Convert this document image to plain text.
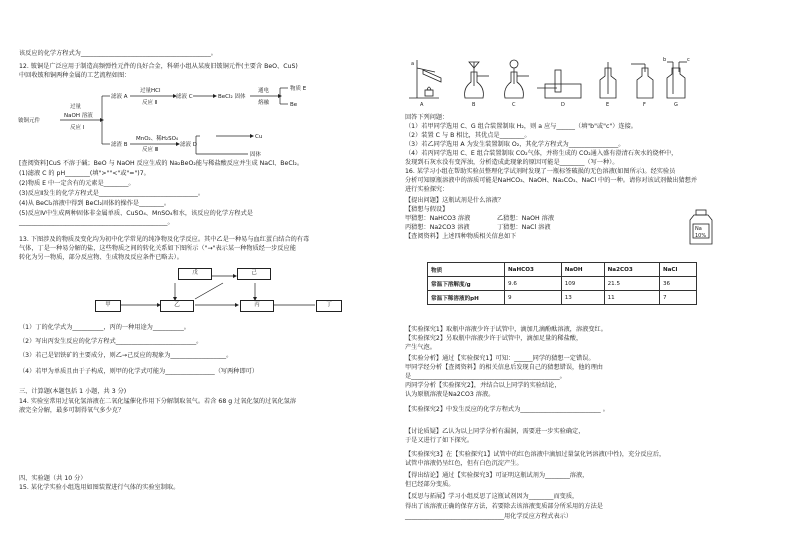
该反应的化学方程式为__________________________________________。
12. 铍铜是广泛应用于制造高频弹性元件的良好合金，科研小组从某废旧铍铜元件(主要含 BeO、CuS)
中回收铍和铜两种金属的工艺流程如图：
铍铜元件
过量
NaOH 溶液
反应 Ⅰ
滤液 A
过量HCl
反应 Ⅱ
滤液 C	BeCl₂ 固体
通电
熔融
物质 E
Be
MnO₂、稀H₂SO₄
反应 Ⅲ
滤液 D
Cu
固体
滤渣 B
[查阅资料]CuS 不溶于碱；BeO 与 NaOH 反应生成的 Na₂BeO₂能与稀盐酸反应并生成 NaCl、BeCl₂。
(1)滤液 C 的 pH________(填">""<"或"=")7。
(2)物质 E 中一定含有的元素是________。
(3)反应Ⅱ发生的化学方程式是________________________________。
(4)从 BeCl₂溶液中得到 BeCl₂固体的操作是________。
(5)反应Ⅳ中生成两种固体非金属单质、CuSO₄、MnSO₄和水，该反应的化学方程式是
________________________________________________。
13. 下图涉及的物质及变化均为初中化学常见的纯净物及化学反应。其中乙是一种易与血红蛋白结合的有毒
气体，丁是一种易分解的盐，这些物质之间的转化关系如下图所示（"→"表示某一种物质经一步反应能
转化为另一物质，部分反应物、生成物及反应条件已略去）。
戊	己
甲	乙	丙	丁
（1）丁的化学式为__________，丙的一种用途为__________。
（2）写出丙发生反应的化学方程式__________________________。
（3）若己是铝铁矿的主要成分，则乙→己反应的现象为__________________。
（4）若甲为单质且由于子构成，则甲的化学式可能为________________（写两种即可）
三、计算题(本题包括 1 小题，共 3 分)
14. 实验室常用过氧化氢溶液在二氧化锰催化作用下分解制取氧气。若含 68 g 过氧化氢的过氧化氢溶
液完全分解，最多可制得氧气多少克？
四、实验题（共 10 分）
15. 某化学实验小组选用如图装置进行气体的实验室制取。
a
b	c
A	B	C	D	E	F	G
回答下列问题：
（1）若甲同学选用 C、G 组合装置制取 H₂，则 a 应与______（填"b"或"c"）连接。
（2）装置 C 与 B 相比，其优点是________。
（3）若乙同学选用 A 为发生装置制取 O₂，其化学方程式为________________。
（4）若丙同学选用 C、E 组合装置制取 CO₂气体，并将生成的 CO₂通入盛有澄清石灰水的烧杯中，
发现到石灰水没有变浑浊，分析造成此现象的原因可能是________（写一种）。
16. 某学习小组在帮助实验员整理化学试剂时发现了一瓶标签破损的无色溶液(如图所示)。经实验员
分析可知原瓶溶液中的溶质可能是NaHCO₃、NaOH、Na₂CO₃、NaCl 中的一种。请你对该试剂做出猜想并
进行实验探究：
【提出问题】这瓶试剂是什么溶液？
【猜想与假设】
甲猜想：NaHCO3 溶液	乙猜想：NaOH 溶液
丙猜想：Na2CO3 溶液	丁猜想：NaCl 溶液
【查阅资料】上述四种物质相关信息如下
Na
10%
物质	NaHCO3	NaOH	Na2CO3	NaCl
常温下溶解度/g	9.6	109	21.5	36
常温下稀溶液的pH	9	13	11	7
【实验探究1】取瓶中溶液少许于试管中，滴加几滴酚酞溶液，溶液变红。
【实验探究2】另取瓶中溶液少许于试管中，滴加足量的稀盐酸，
产生气泡。
【实验分析】通过【实验探究1】可知：______同学的猜想一定错误。
甲同学经分析【查阅资料】的相关信息后发现自己的猜想错误，他的理由
是________________________________________________。
丙同学分析【实验探究2】，并结合以上同学的实验结论，
认为原瓶溶液是Na2CO3 溶液。
【实验探究2】中发生反应的化学方程式为__________________________ 。
【讨论质疑】乙认为以上同学分析有漏洞，需要进一步实验确定，
于是又进行了如下探究。
【实验探究3】在【实验探究1】试管中的红色溶液中滴加过量氯化钙溶液(中性)，充分反应后，
试管中溶液仍呈红色，但有白色沉淀产生。
【得出结论】通过【实验探究3】可证明这瓶试剂为________溶液，
但已经部分变质。
【反思与拓展】学习小组反思了这瓶试剂因为________而变质，
得出了该溶液正确的保存方法，若要除去该溶液变质部分所采用的方法是
________________________________用化学反应方程式表示）
